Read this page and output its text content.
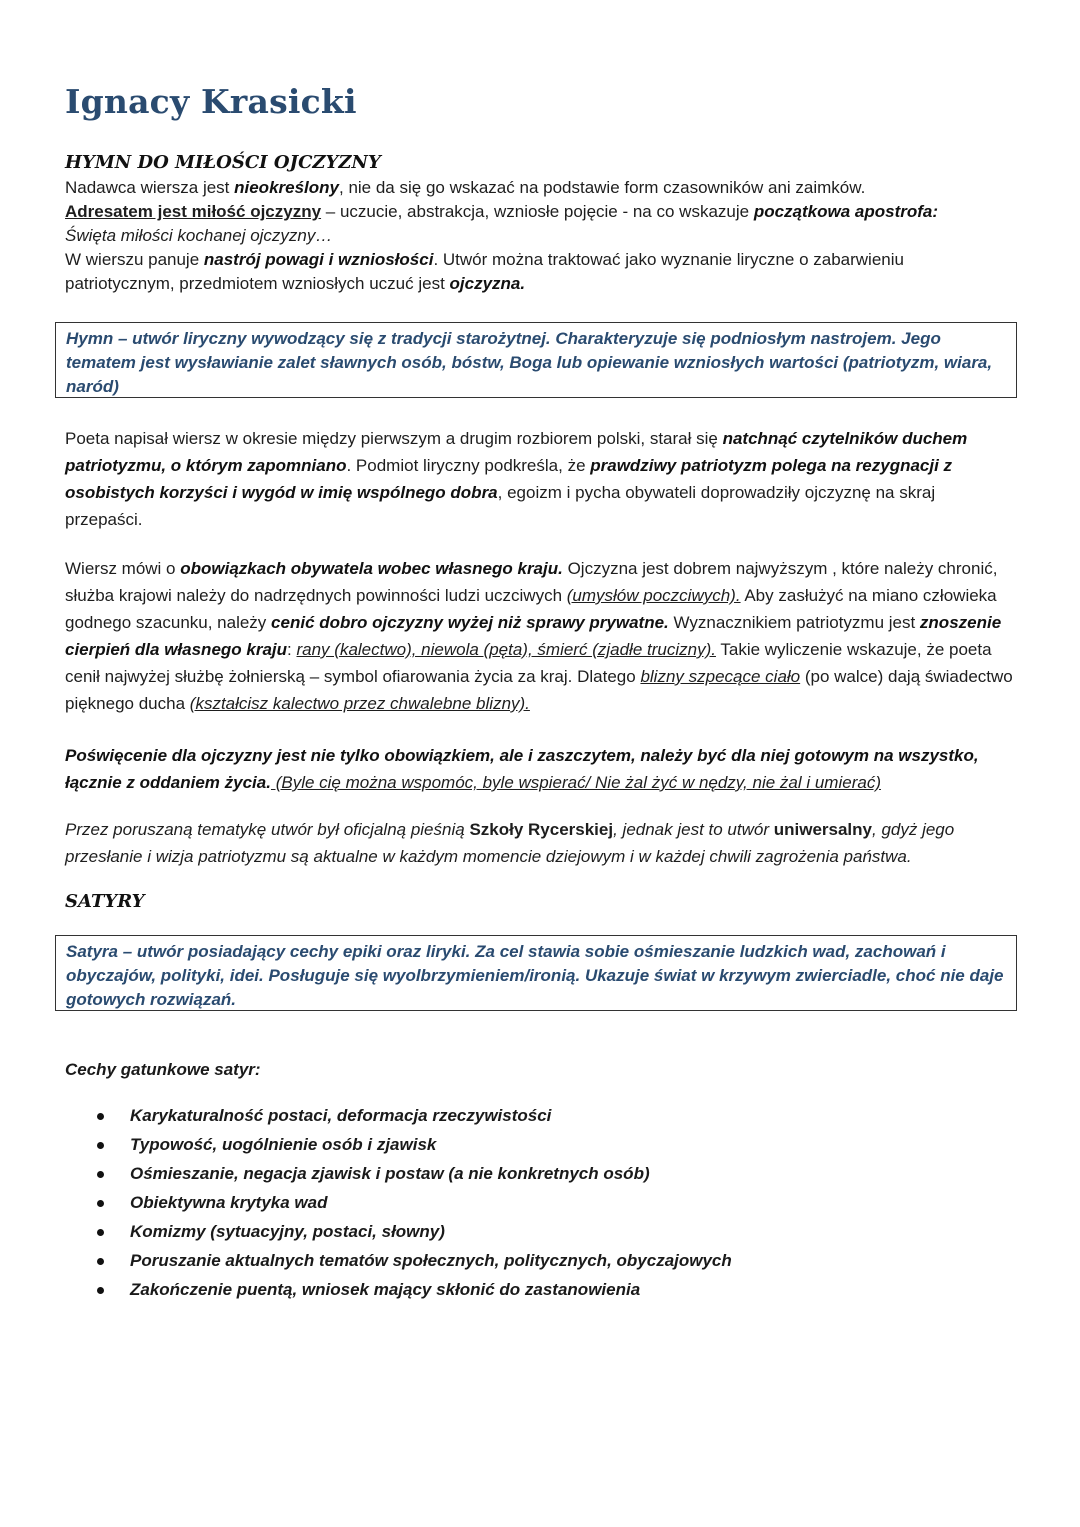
Ignacy Krasicki
HYMN DO MIŁOŚCI OJCZYZNY

Nadawca wiersza jest nieokreślony, nie da się go wskazać na podstawie form czasowników ani zaimków.
Adresatem jest miłość ojczyzny – uczucie, abstrakcja, wzniosłe pojęcie - na co wskazuje początkowa apostrofa:
Święta miłości kochanej ojczyzny…
W wierszu panuje nastrój powagi i wzniosłości. Utwór można traktować jako wyznanie liryczne o zabarwieniu patriotycznym, przedmiotem wzniosłych uczuć jest ojczyzna.

Hymn – utwór liryczny wywodzący się z tradycji starożytnej. Charakteryzuje się podniosłym nastrojem. Jego tematem jest wysławianie zalet sławnych osób, bóstw, Boga lub opiewanie wzniosłych wartości (patriotyzm, wiara, naród)

Poeta napisał wiersz w okresie między pierwszym a drugim rozbiorem polski, starał się natchnąć czytelników duchem patriotyzmu, o którym zapomniano. Podmiot liryczny podkreśla, że prawdziwy patriotyzm polega na rezygnacji z osobistych korzyści i wygód w imię wspólnego dobra, egoizm i pycha obywateli doprowadziły ojczyznę na skraj przepaści.

Wiersz mówi o obowiązkach obywatela wobec własnego kraju. Ojczyzna jest dobrem najwyższym , które należy chronić, służba krajowi należy do nadrzędnych powinności ludzi uczciwych (umysłów poczciwych). Aby zasłużyć na miano człowieka godnego szacunku, należy cenić dobro ojczyzny wyżej niż sprawy prywatne. Wyznacznikiem patriotyzmu jest znoszenie cierpień dla własnego kraju: rany (kalectwo), niewola (pęta), śmierć (zjadłe trucizny). Takie wyliczenie wskazuje, że poeta cenił najwyżej służbę żołnierską – symbol ofiarowania życia za kraj. Dlatego blizny szpecące ciało (po walce) dają świadectwo pięknego ducha (kształcisz kalectwo przez chwalebne blizny).

Poświęcenie dla ojczyzny jest nie tylko obowiązkiem, ale i zaszczytem, należy być dla niej gotowym na wszystko, łącznie z oddaniem życia. (Byle cię można wspomóc, byle wspierać/ Nie żal żyć w nędzy, nie żal i umierać)

Przez poruszaną tematykę utwór był oficjalną pieśnią Szkoły Rycerskiej, jednak jest to utwór uniwersalny, gdyż jego przesłanie i wizja patriotyzmu są aktualne w każdym momencie dziejowym i w każdej chwili zagrożenia państwa.

SATYRY
Satyra – utwór posiadający cechy epiki oraz liryki. Za cel stawia sobie ośmieszanie ludzkich wad, zachowań i obyczajów, polityki, idei. Posługuje się wyolbrzymieniem/ironią. Ukazuje świat w krzywym zwierciadle, choć nie daje gotowych rozwiązań.
Cechy gatunkowe satyr:
Karykaturalność postaci, deformacja rzeczywistości
Typowość, uogólnienie osób i zjawisk
Ośmieszanie, negacja zjawisk i postaw (a nie konkretnych osób)
Obiektywna krytyka wad
Komizmy (sytuacyjny, postaci, słowny)
Poruszanie aktualnych tematów społecznych, politycznych, obyczajowych
Zakończenie puentą, wniosek mający skłonić do zastanowienia
